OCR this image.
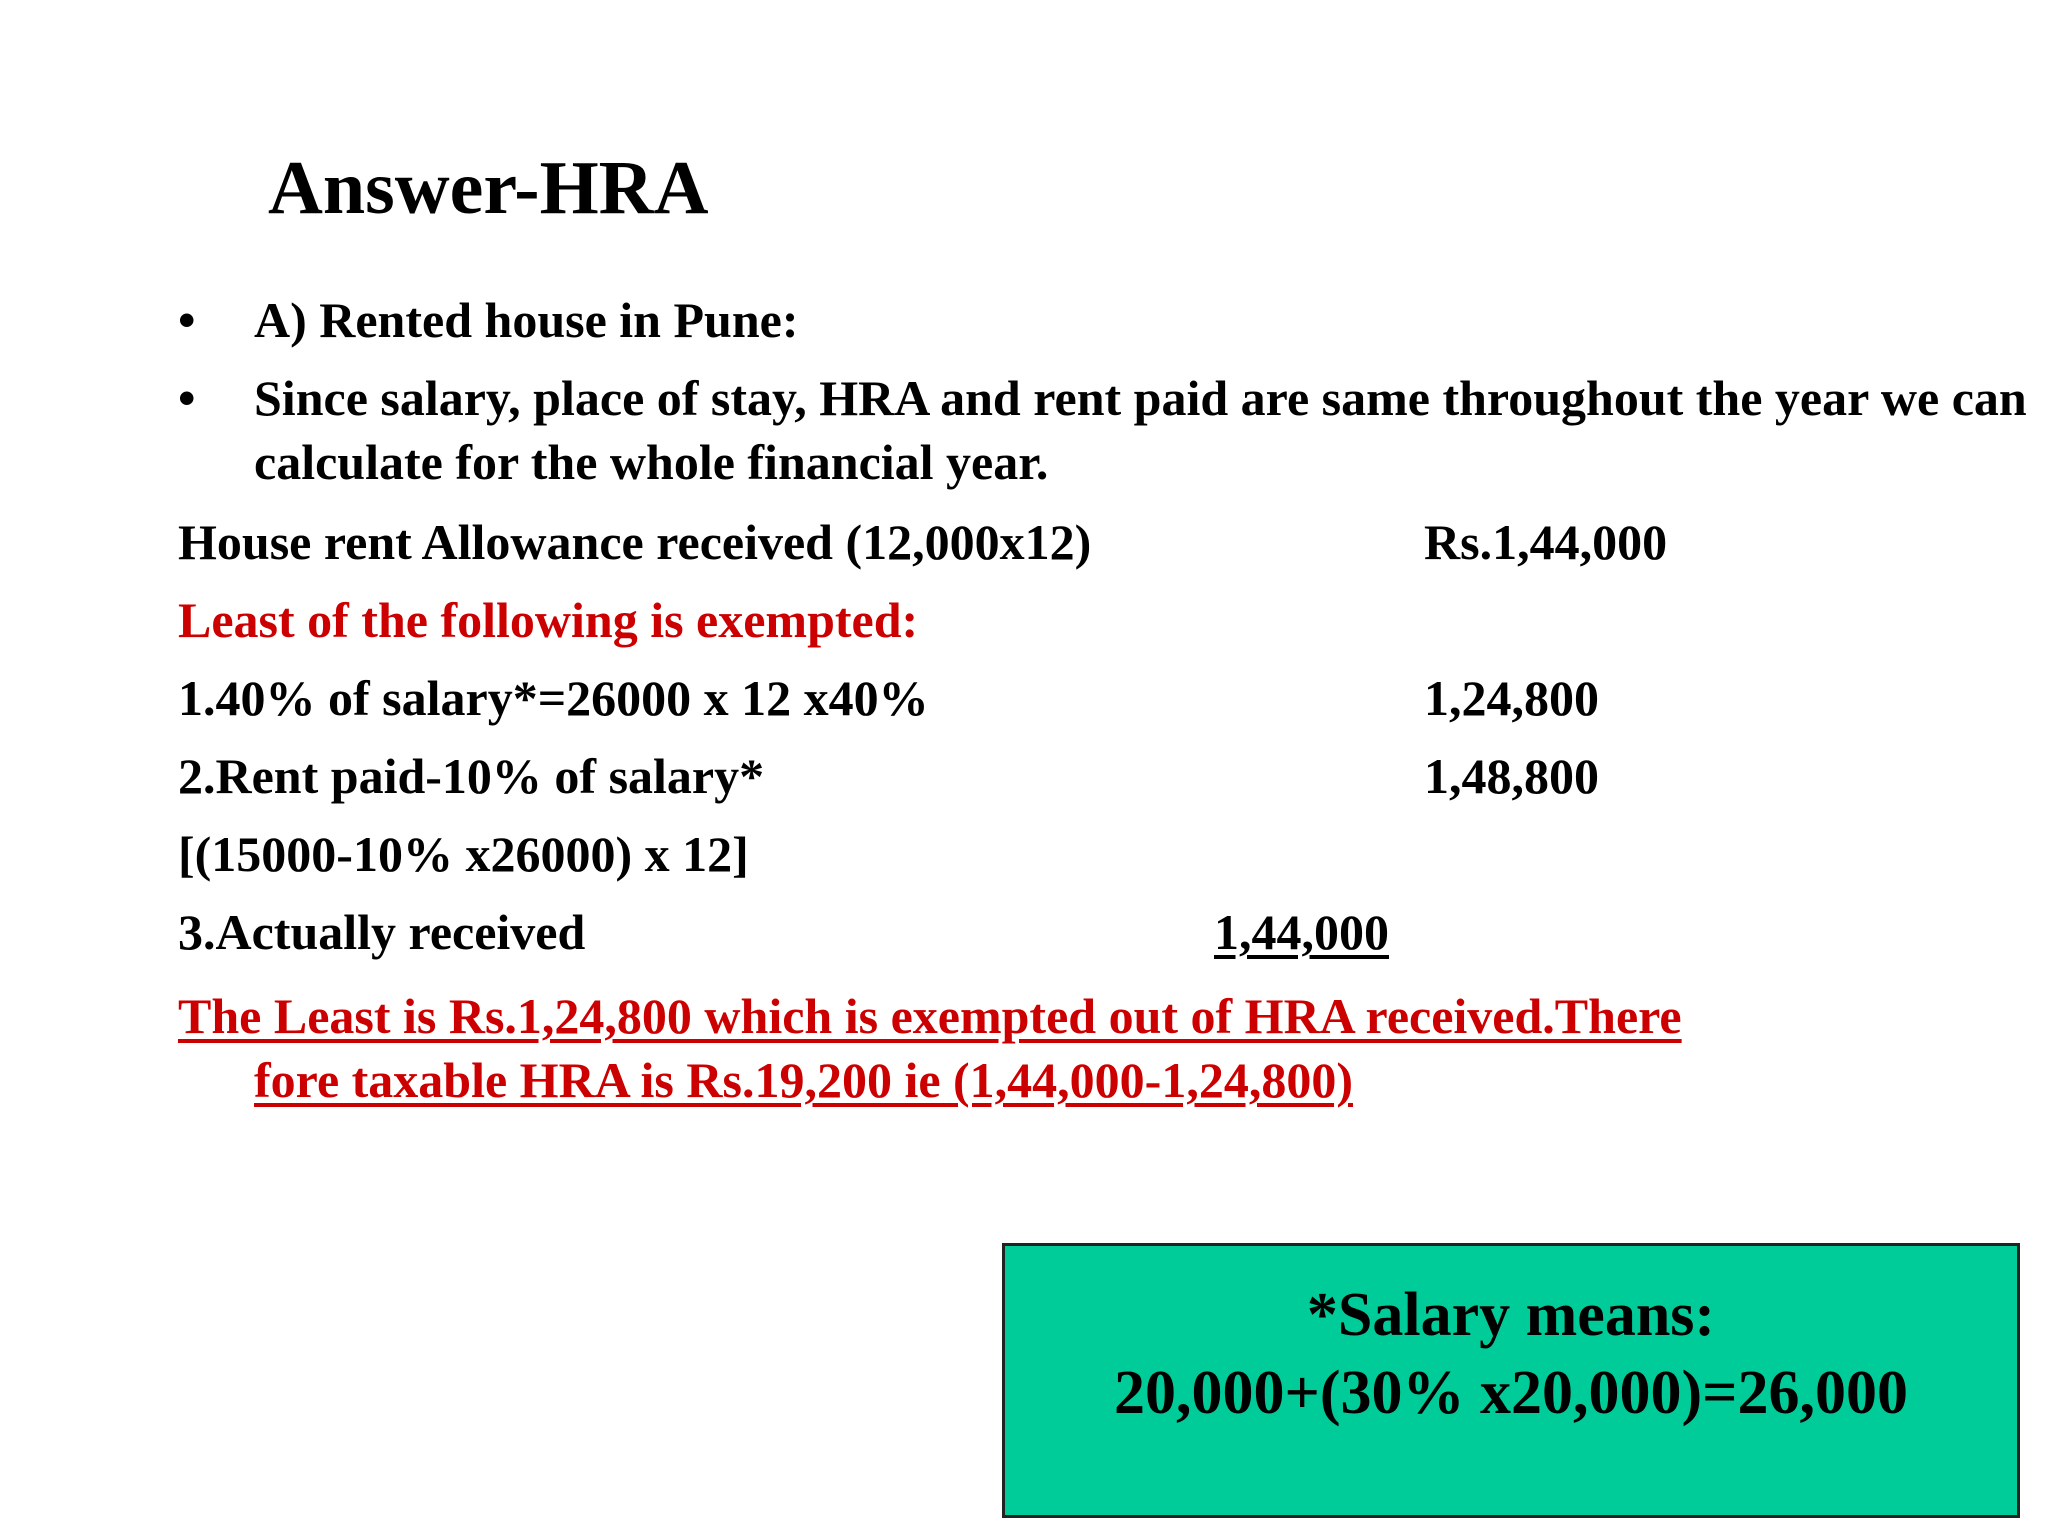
Answer-HRA
•	A) Rented house in Pune:
•	Since salary, place of stay, HRA and rent paid are same throughout the year we can calculate for the whole financial year.
House rent Allowance received (12,000x12)	Rs.1,44,000
Least of the following is exempted:
1.40% of salary*=26000 x 12 x40%	1,24,800
2.Rent paid-10% of salary*	1,48,800
[(15000-10% x26000) x 12]
3.Actually received	1,44,000
The Least is Rs.1,24,800 which is exempted out of HRA received.There
fore taxable HRA is Rs.19,200 ie (1,44,000-1,24,800)
*Salary means:
20,000+(30% x20,000)=26,000
